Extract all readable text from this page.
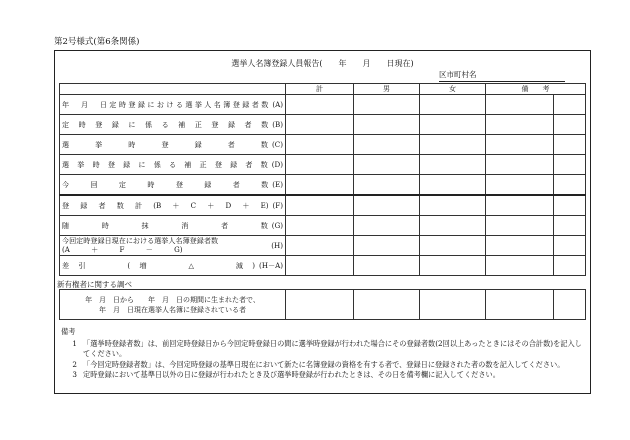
第2号様式(第6条関係)
選挙人名簿登録人員報告(　　年　　月　　日現在)
区市町村名
	計	男	女	備　　考	

年　月　日定時登録における選挙人名簿登録者数 (A)					

定時登録に係る補正登録者数 (B)					

選挙時登録者数 (C)					

選挙時登録に係る補正登録者数 (D)					

今回定時登録者数 (E)					

登録者数計(B＋C＋D＋E) (F)					

随時抹消者数 (G)					

今回定時登録日現在における選挙人名簿登録者数
(A　　　＋　　　F　　　－　　　G) (H)					

差引　　(増　　△　　減) (H－A)					

新有権者に関する調べ
年　月　日から　　年　月　日の期間に生まれた者で、
年　月　日現在選挙人名簿に登録されている者

備考
1 「選挙時登録者数」は、前回定時登録日から今回定時登録日の間に選挙時登録が行われた場合にその登録者数(2回以上あったときにはその合計数)を記入してください。
2 「今回定時登録者数」は、今回定時登録の基準日現在において新たに名簿登録の資格を有する者で、登録日に登録された者の数を記入してください。
3 定時登録において基準日以外の日に登録が行われたとき及び選挙時登録が行われたときは、その日を備考欄に記入してください。
